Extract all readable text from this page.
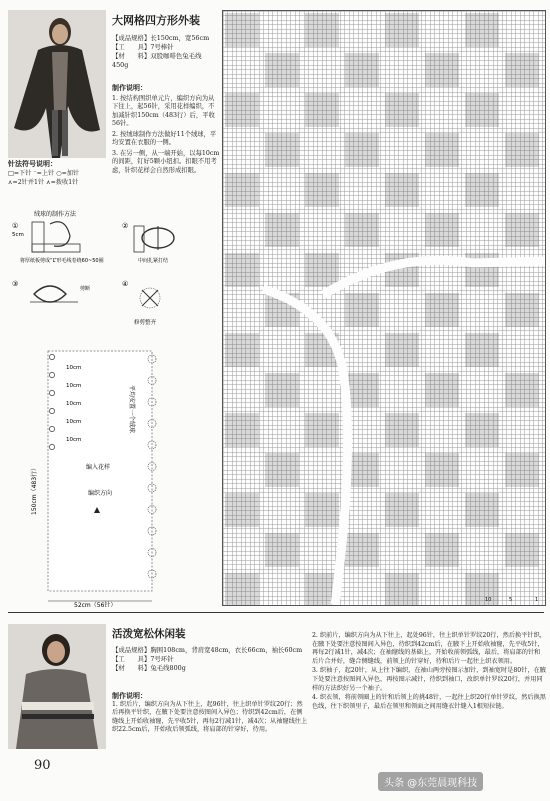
大网格四方形外装
【成品规格】长150cm，宽56cm
【工　　具】7号棒针
【材　　料】双股咖啡色兔毛线
450g
制作说明：

1. 按结构图织单元片，编织方向为从下往上，起56针，采用花样编织，不加减针织150cm（483行）后，平收56针。

2. 按绒球制作方法做好11个绒球，平均安置在衣服的一侧。

3. 在另一侧，从一端开始，以每10cm的间距，钉好5颗小纽扣。扣眼不用考虑，针织花样会自然形成扣眼。

针法符号说明：
□=下针 ⁻=上针 ○=加针
⋏=2针并1针 ⋏=拨收1针
绒球的制作方法
①
5cm
将厚纸板剪成“L”形毛线卷绕60~50圈
②
中间扎紧打结
③
剪断
④
修剪整齐
10cm
10cm
10cm
10cm
10cm
150cm（483行）
平均安置一个绒球
编入花样
编织方向
52cm（56针）
10	5	1
活泼宽松休闲装
【成品规格】胸围108cm，背肩宽48cm，衣长66cm，袖长60cm
【工　　具】7号环针
【材　　料】兔毛线800g
制作说明：
1. 织后片，编织方向为从下往上，起96针，往上织单针罗纹20行；然后再换平针织，在腋下处要注意按图间入异色；待织到42cm后，在侧缝线上开始收袖窿，先平收5针，再每2行减1针，减4次；从袖窿线往上织22.5cm后，开始收后领弧线，将肩部的针穿好，待用。

2. 织前片，编织方向为从下往上，起处96针，往上织单针罗纹20行，然后换平针织，在腋下处要注意按图间入异色，待织到42cm后，在腋下上开始收袖窿，先平收5针，再每2行减1针，减4次；在袖窿线的基础上，开始收前领弧线，最后，将肩部的针和后片合并好，缝合侧缝线，前领上的针穿好，待和后片一起往上织衣领用。

3. 织袖子，起20针，从上往下编织，在袖山两旁按图示加针，到袖宽时是80针，在腋下处要注意按图间入异色，再按图示减针，待织到袖口，改织单针罗纹20行，并用同样的方法织好另一个袖子。

4. 织衣领，将前领圈上的针和后领上的挑48针，一起往上织20行单针罗纹，然后换黑色线，往下织领里子，最后在领里和领面之间用缝衣针缝入1根短拉链。

90
头条 @东莞晨现科技
